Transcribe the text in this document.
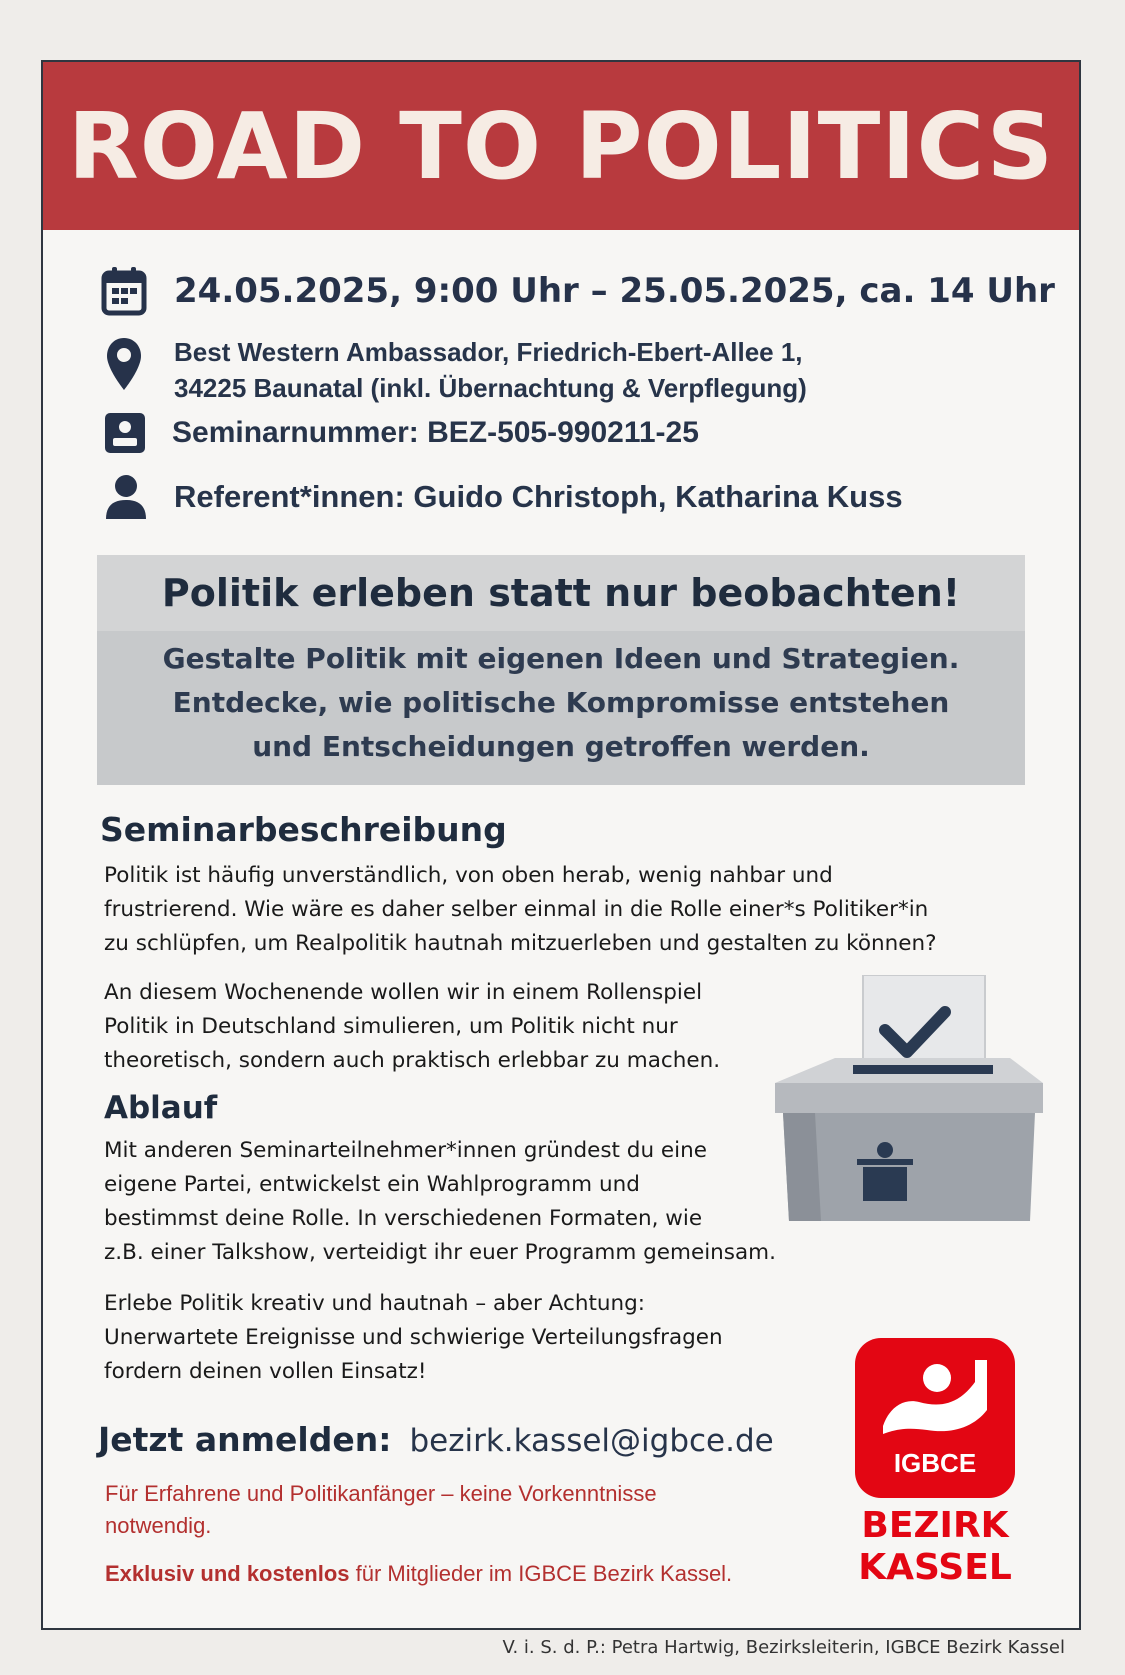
ROAD TO POLITICS
24.05.2025, 9:00 Uhr – 25.05.2025, ca. 14 Uhr
Best Western Ambassador, Friedrich-Ebert-Allee 1,
34225 Baunatal (inkl. Übernachtung & Verpflegung)
Seminarnummer: BEZ-505-990211-25
Referent*innen: Guido Christoph, Katharina Kuss
Politik erleben statt nur beobachten!
Gestalte Politik mit eigenen Ideen und Strategien.
Entdecke, wie politische Kompromisse entstehen
und Entscheidungen getroffen werden.
Seminarbeschreibung
Politik ist häufig unverständlich, von oben herab, wenig nahbar und
frustrierend. Wie wäre es daher selber einmal in die Rolle einer*s Politiker*in
zu schlüpfen, um Realpolitik hautnah mitzuerleben und gestalten zu können?
An diesem Wochenende wollen wir in einem Rollenspiel
Politik in Deutschland simulieren, um Politik nicht nur
theoretisch, sondern auch praktisch erlebbar zu machen.
Ablauf
Mit anderen Seminarteilnehmer*innen gründest du eine
eigene Partei, entwickelst ein Wahlprogramm und
bestimmst deine Rolle. In verschiedenen Formaten, wie
z.B. einer Talkshow, verteidigt ihr euer Programm gemeinsam.
Erlebe Politik kreativ und hautnah – aber Achtung:
Unerwartete Ereignisse und schwierige Verteilungsfragen
fordern deinen vollen Einsatz!
Jetzt anmelden: bezirk.kassel@igbce.de
Für Erfahrene und Politikanfänger – keine Vorkenntnisse
notwendig.
Exklusiv und kostenlos für Mitglieder im IGBCE Bezirk Kassel.
IGBCE
BEZIRK
KASSEL
V. i. S. d. P.: Petra Hartwig, Bezirksleiterin, IGBCE Bezirk Kassel
